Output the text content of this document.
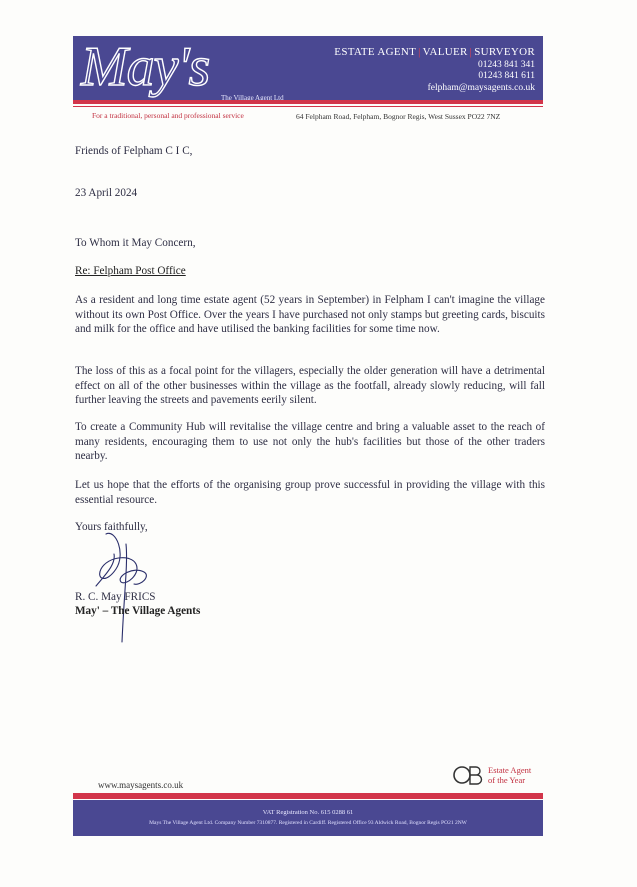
May's The Village Agent Ltd
ESTATE AGENT | VALUER | SURVEYOR
01243 841 341
01243 841 611
felpham@maysagents.co.uk
For a traditional, personal and professional service	64 Felpham Road, Felpham, Bognor Regis, West Sussex PO22 7NZ
Friends of Felpham C I C,
23 April 2024
To Whom it May Concern,
Re: Felpham Post Office
As a resident and long time estate agent (52 years in September) in Felpham I can't imagine the village without its own Post Office. Over the years I have purchased not only stamps but greeting cards, biscuits and milk for the office and have utilised the banking facilities for some time now.
The loss of this as a focal point for the villagers, especially the older generation will have a detrimental effect on all of the other businesses within the village as the footfall, already slowly reducing, will fall further leaving the streets and pavements eerily silent.
To create a Community Hub will revitalise the village centre and bring a valuable asset to the reach of many residents, encouraging them to use not only the hub's facilities but those of the other traders nearby.
Let us hope that the efforts of the organising group prove successful in providing the village with this essential resource.
Yours faithfully,
R. C. May FRICS
May' – The Village Agents
www.maysagents.co.uk
Estate Agent
of the Year
VAT Registration No. 615 0288 61
Mays The Village Agent Ltd. Company Number 7310877. Registered in Cardiff. Registered Office 93 Aldwick Road, Bognor Regis PO21 2NW
